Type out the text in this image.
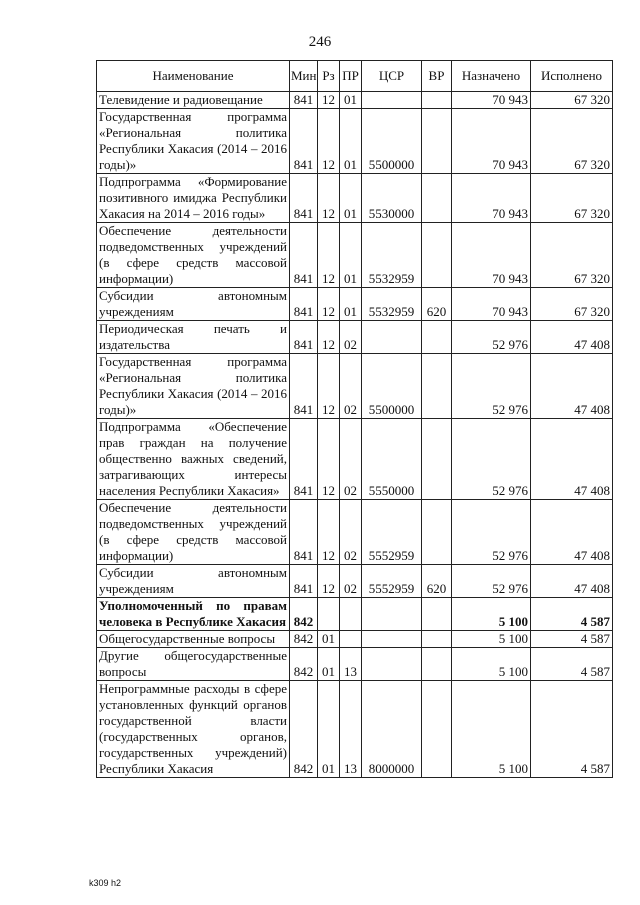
246
Наименование	Мин	Рз	ПР	ЦСР	ВР	Назначено	Исполнено
Телевидение и радиовещание	841	12	01			70 943	67 320
Государственная программа «Региональная политика Республики Хакасия (2014 – 2016 годы)»	841	12	01	5500000		70 943	67 320
Подпрограмма «Формирование позитивного имиджа Республики Хакасия на 2014 – 2016 годы»	841	12	01	5530000		70 943	67 320
Обеспечение деятельности подведомственных учреждений (в сфере средств массовой информации)	841	12	01	5532959		70 943	67 320
Субсидии автономным учреждениям	841	12	01	5532959	620	70 943	67 320
Периодическая печать и издательства	841	12	02			52 976	47 408
Государственная программа «Региональная политика Республики Хакасия (2014 – 2016 годы)»	841	12	02	5500000		52 976	47 408
Подпрограмма «Обеспечение прав граждан на получение общественно важных сведений, затрагивающих интересы населения Республики Хакасия»	841	12	02	5550000		52 976	47 408
Обеспечение деятельности подведомственных учреждений (в сфере средств массовой информации)	841	12	02	5552959		52 976	47 408
Субсидии автономным учреждениям	841	12	02	5552959	620	52 976	47 408
Уполномоченный по правам человека в Республике Хакасия	842					5 100	4 587
Общегосударственные вопросы	842	01				5 100	4 587
Другие общегосударственные вопросы	842	01	13			5 100	4 587
Непрограммные расходы в сфере установленных функций органов государственной власти (государственных органов, государственных учреждений) Республики Хакасия	842	01	13	8000000		5 100	4 587
k309 h2
